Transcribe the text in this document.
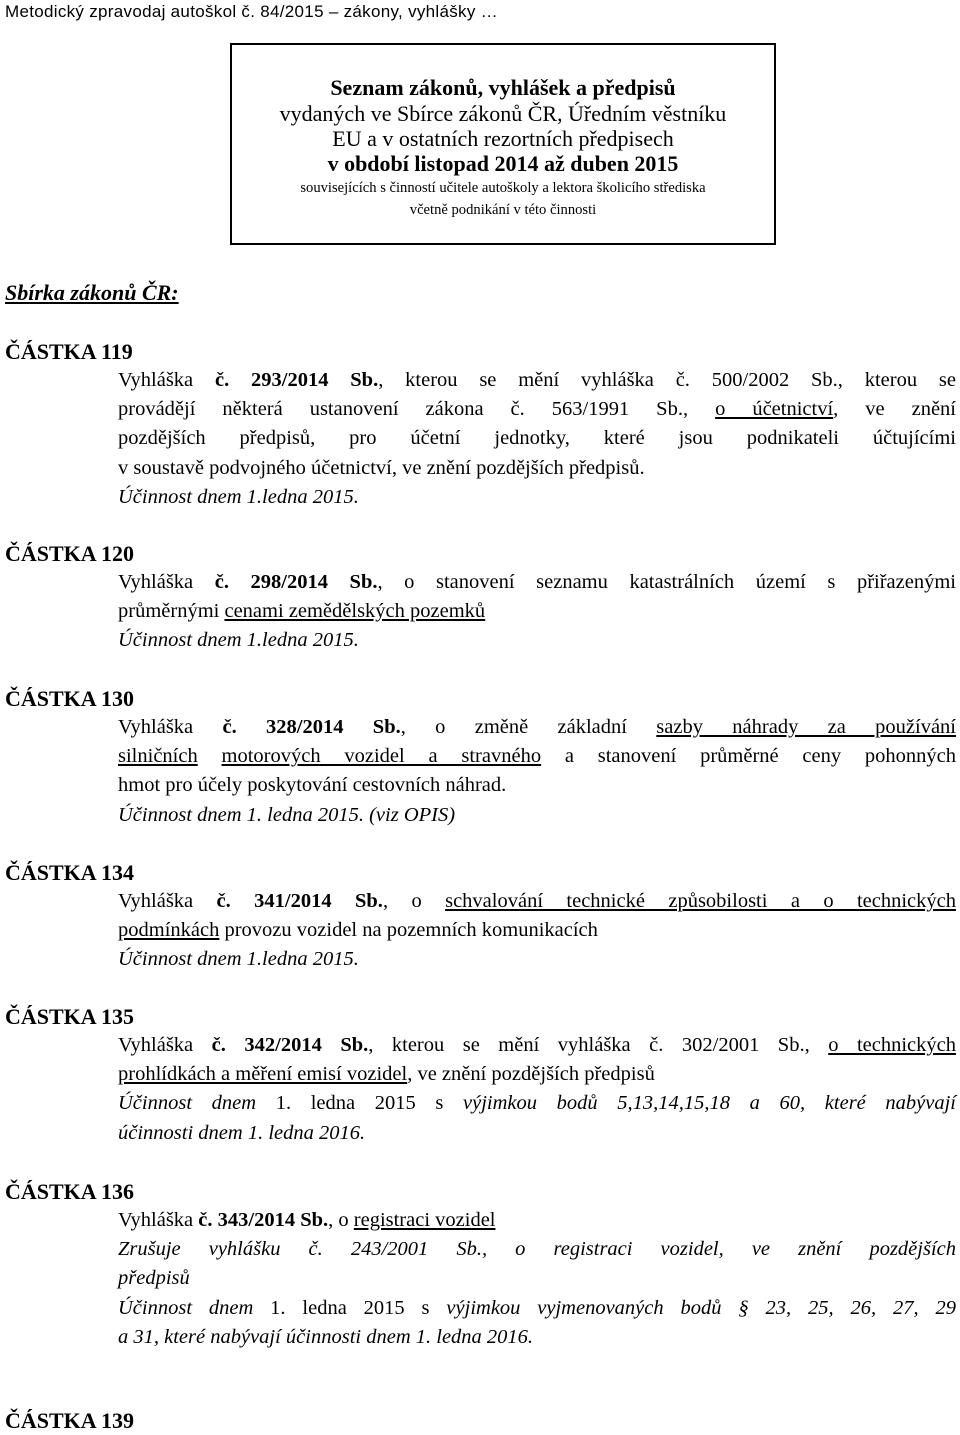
Metodický zpravodaj autoškol č. 84/2015 – zákony, vyhlášky …
Seznam zákonů, vyhlášek a předpisů
vydaných ve Sbírce zákonů ČR, Úředním věstníku
EU a v ostatních rezortních předpisech
v období listopad 2014 až duben 2015
souvisejících s činností učitele autoškoly a lektora školicího střediska
včetně podnikání v této činnosti
Sbírka zákonů ČR:
ČÁSTKA 119
Vyhláška č. 293/2014 Sb., kterou se mění vyhláška č. 500/2002 Sb., kterou se
provádějí některá ustanovení zákona č. 563/1991 Sb., o účetnictví, ve znění
pozdějších předpisů, pro účetní jednotky, které jsou podnikateli účtujícími
v soustavě podvojného účetnictví, ve znění pozdějších předpisů.
Účinnost dnem 1.ledna 2015.
ČÁSTKA 120
Vyhláška č. 298/2014 Sb., o stanovení seznamu katastrálních území s přiřazenými
průměrnými cenami zemědělských pozemků
Účinnost dnem 1.ledna 2015.
ČÁSTKA 130
Vyhláška č. 328/2014 Sb., o změně základní sazby náhrady za používání
silničních motorových vozidel a stravného a stanovení průměrné ceny pohonných
hmot pro účely poskytování cestovních náhrad.
Účinnost dnem 1. ledna 2015. (viz OPIS)
ČÁSTKA 134
Vyhláška č. 341/2014 Sb., o schvalování technické způsobilosti a o technických
podmínkách provozu vozidel na pozemních komunikacích
Účinnost dnem 1.ledna 2015.
ČÁSTKA 135
Vyhláška č. 342/2014 Sb., kterou se mění vyhláška č. 302/2001 Sb., o technických
prohlídkách a měření emisí vozidel, ve znění pozdějších předpisů
Účinnost dnem 1. ledna 2015 s výjimkou bodů 5,13,14,15,18 a 60, které nabývají
účinnosti dnem 1. ledna 2016.
ČÁSTKA 136
Vyhláška č. 343/2014 Sb., o registraci vozidel
Zrušuje vyhlášku č. 243/2001 Sb., o registraci vozidel, ve znění pozdějších
předpisů
Účinnost dnem 1. ledna 2015 s výjimkou vyjmenovaných bodů § 23, 25, 26, 27, 29
a 31, které nabývají účinnosti dnem 1. ledna 2016.
ČÁSTKA 139
